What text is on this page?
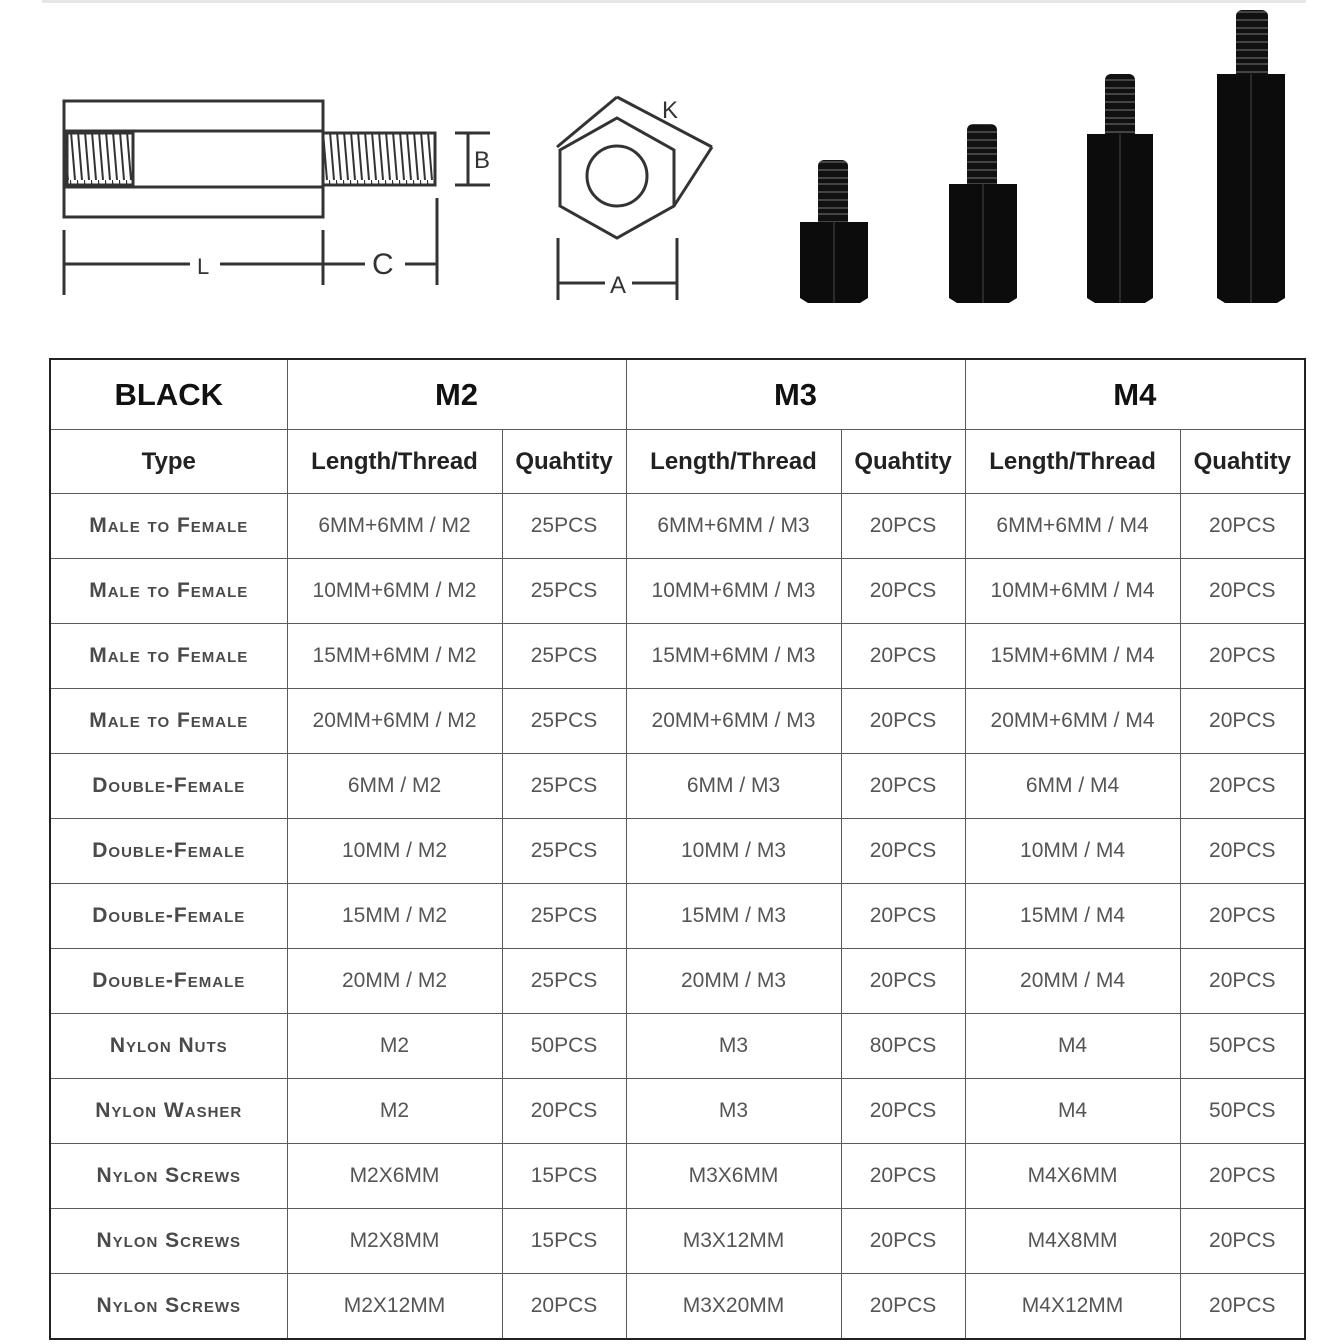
B
L	C
K
A
BLACK	M2		M3		M4	
Type	Length/Thread	Quahtity	Length/Thread	Quahtity	Length/Thread	Quahtity
Male to Female	6MM+6MM / M2	25PCS	6MM+6MM / M3	20PCS	6MM+6MM / M4	20PCS
Male to Female	10MM+6MM / M2	25PCS	10MM+6MM / M3	20PCS	10MM+6MM / M4	20PCS
Male to Female	15MM+6MM / M2	25PCS	15MM+6MM / M3	20PCS	15MM+6MM / M4	20PCS
Male to Female	20MM+6MM / M2	25PCS	20MM+6MM / M3	20PCS	20MM+6MM / M4	20PCS
Double-Female	6MM / M2	25PCS	6MM / M3	20PCS	6MM / M4	20PCS
Double-Female	10MM / M2	25PCS	10MM / M3	20PCS	10MM / M4	20PCS
Double-Female	15MM / M2	25PCS	15MM / M3	20PCS	15MM / M4	20PCS
Double-Female	20MM / M2	25PCS	20MM / M3	20PCS	20MM / M4	20PCS
Nylon Nuts	M2	50PCS	M3	80PCS	M4	50PCS
Nylon Washer	M2	20PCS	M3	20PCS	M4	50PCS
Nylon Screws	M2X6MM	15PCS	M3X6MM	20PCS	M4X6MM	20PCS
Nylon Screws	M2X8MM	15PCS	M3X12MM	20PCS	M4X8MM	20PCS
Nylon Screws	M2X12MM	20PCS	M3X20MM	20PCS	M4X12MM	20PCS
